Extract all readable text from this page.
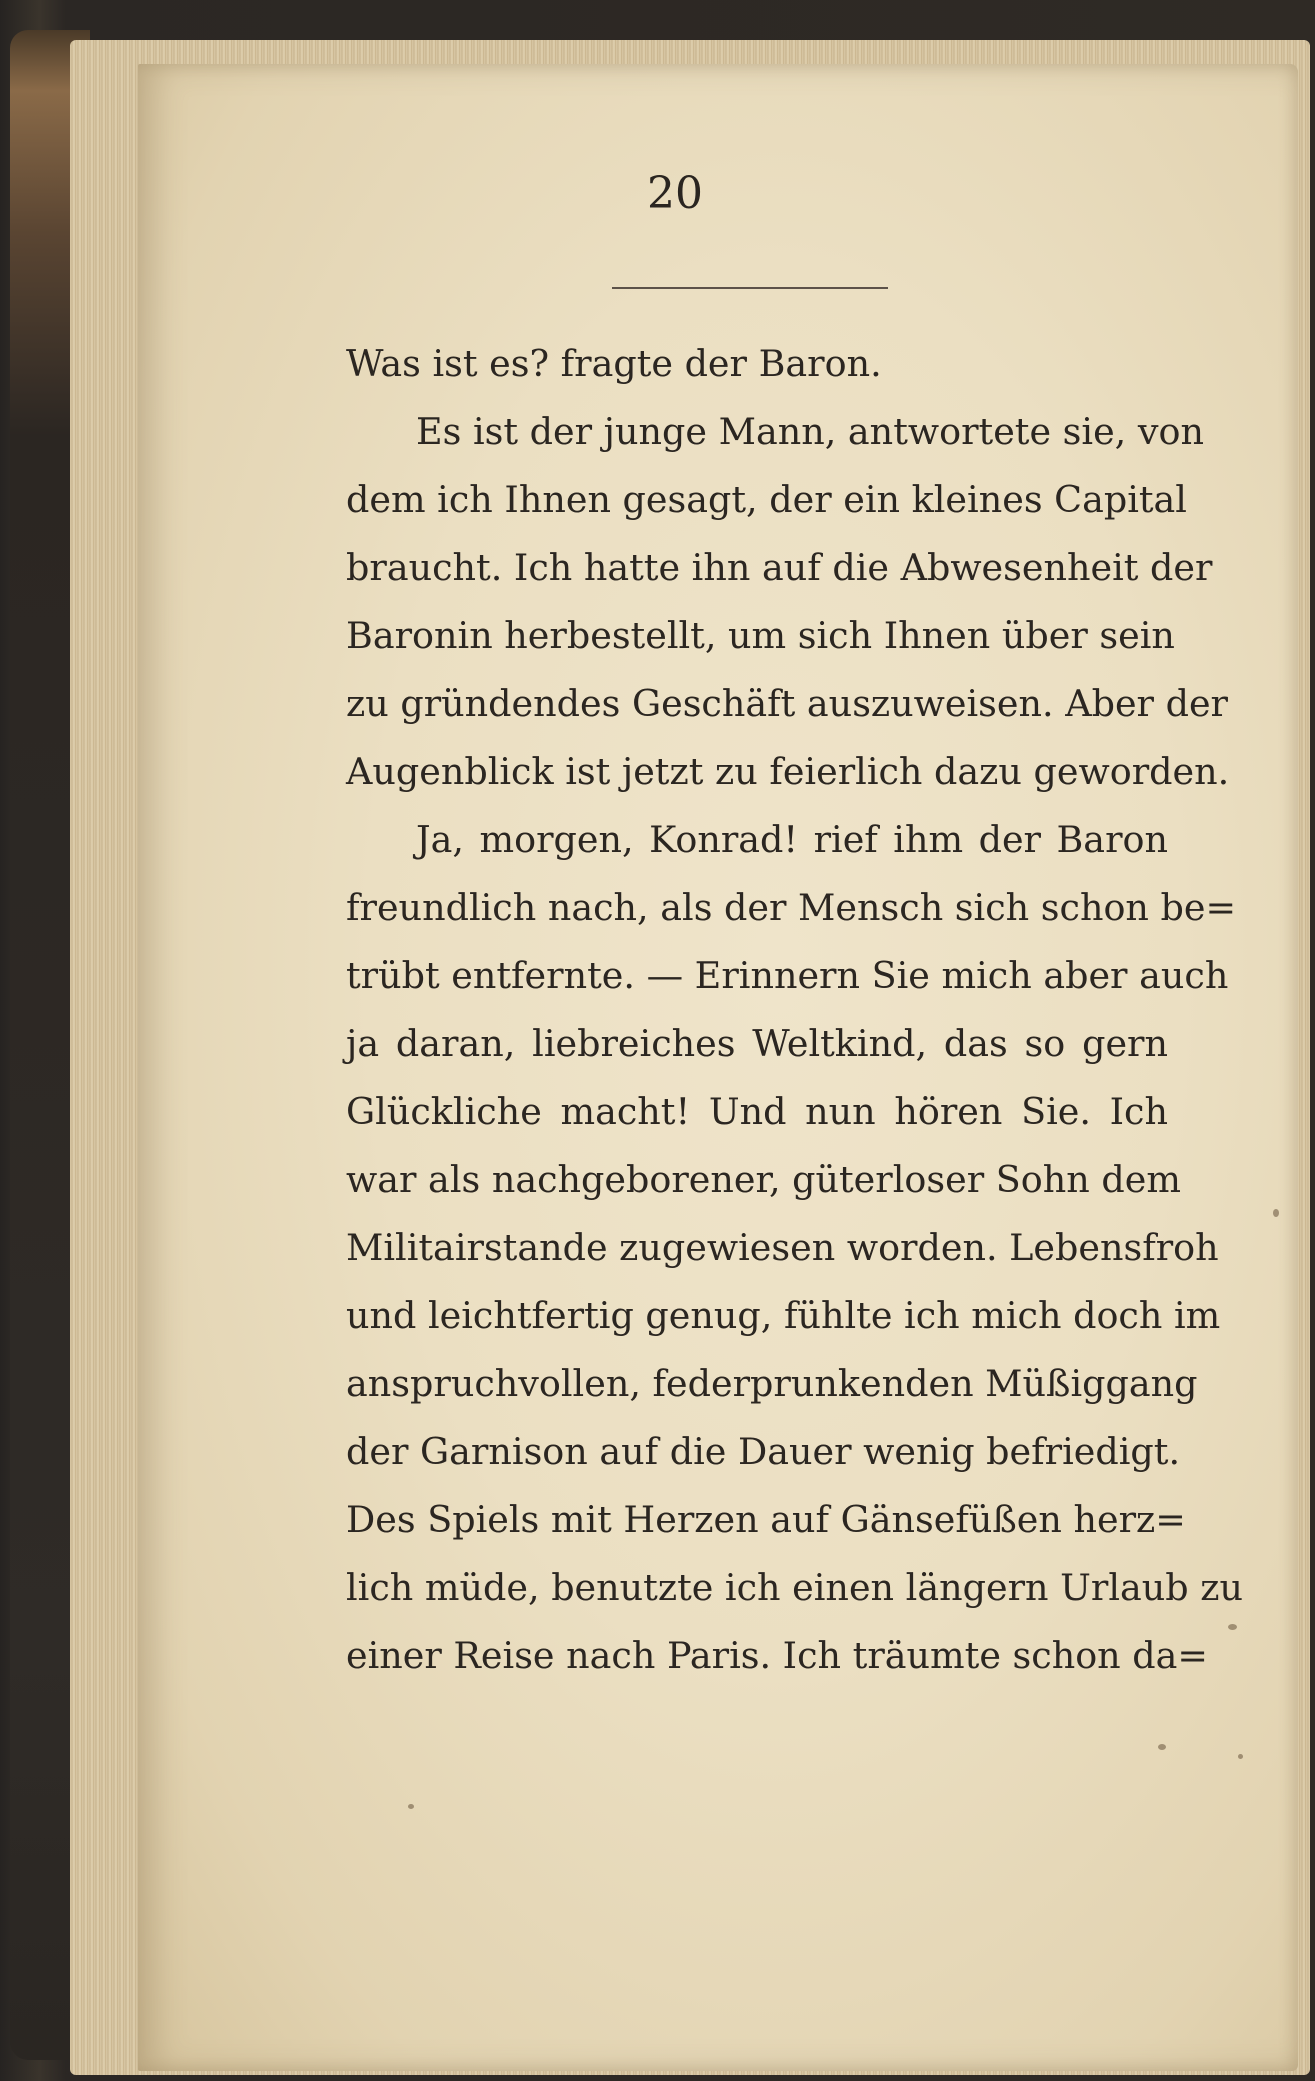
20
Was ist es? fragte der Baron.
Es ist der junge Mann, antwortete sie, von
dem ich Ihnen gesagt, der ein kleines Capital
braucht. Ich hatte ihn auf die Abwesenheit der
Baronin herbestellt, um sich Ihnen über sein
zu gründendes Geschäft auszuweisen. Aber der
Augenblick ist jetzt zu feierlich dazu geworden.
Ja, morgen, Konrad! rief ihm der Baron
freundlich nach, als der Mensch sich schon be=
trübt entfernte. — Erinnern Sie mich aber auch
ja daran, liebreiches Weltkind, das so gern
Glückliche macht! Und nun hören Sie. Ich
war als nachgeborener, güterloser Sohn dem
Militairstande zugewiesen worden. Lebensfroh
und leichtfertig genug, fühlte ich mich doch im
anspruchvollen, federprunkenden Müßiggang
der Garnison auf die Dauer wenig befriedigt.
Des Spiels mit Herzen auf Gänsefüßen herz=
lich müde, benutzte ich einen längern Urlaub zu
einer Reise nach Paris. Ich träumte schon da=
